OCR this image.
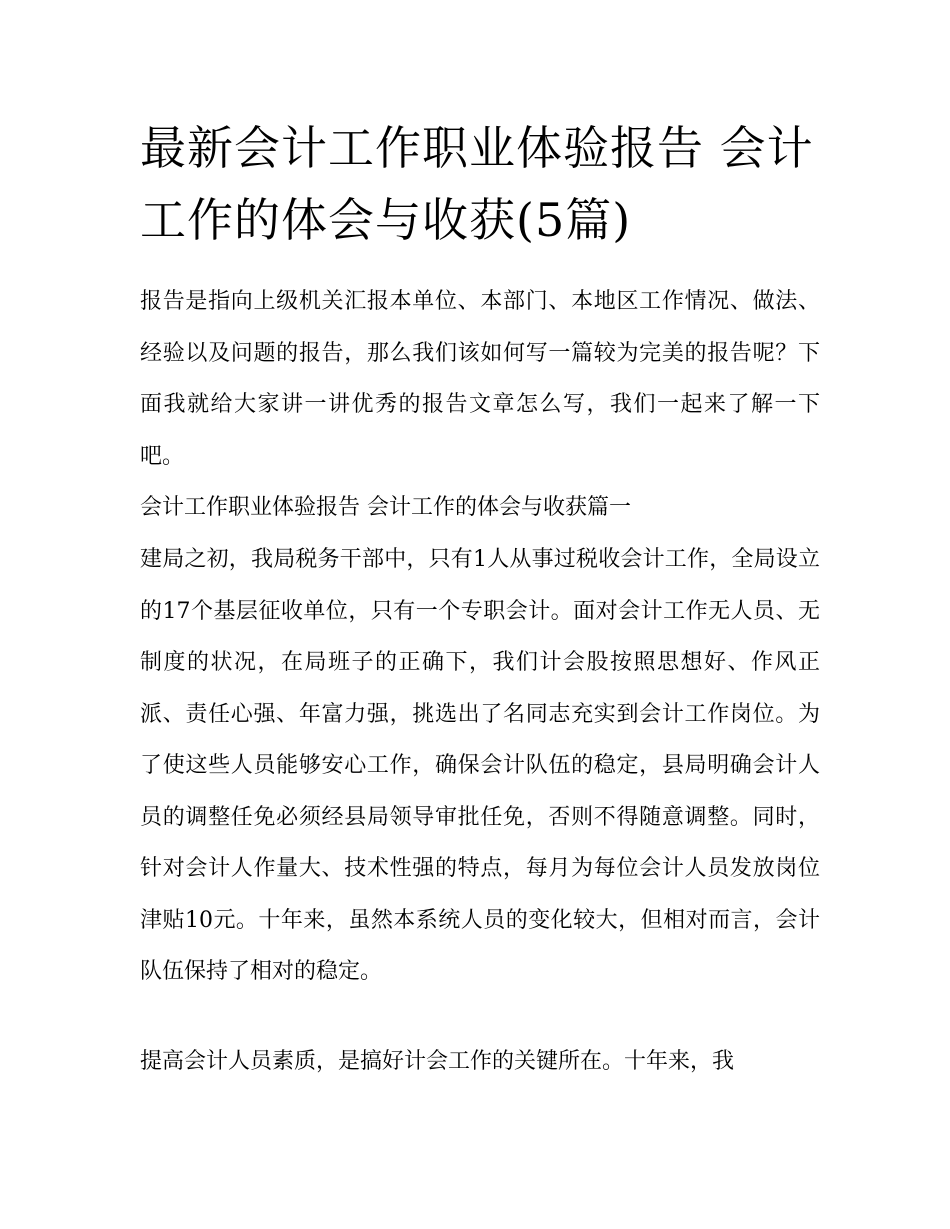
最新会计工作职业体验报告 会计工作的体会与收获(5篇)

报告是指向上级机关汇报本单位、本部门、本地区工作情况、做法、经验以及问题的报告，那么我们该如何写一篇较为完美的报告呢？下面我就给大家讲一讲优秀的报告文章怎么写，我们一起来了解一下吧。

会计工作职业体验报告 会计工作的体会与收获篇一

建局之初，我局税务干部中，只有1人从事过税收会计工作，全局设立的17个基层征收单位，只有一个专职会计。面对会计工作无人员、无制度的状况，在局班子的正确下，我们计会股按照思想好、作风正派、责任心强、年富力强，挑选出了名同志充实到会计工作岗位。为了使这些人员能够安心工作，确保会计队伍的稳定，县局明确会计人员的调整任免必须经县局领导审批任免，否则不得随意调整。同时，针对会计人作量大、技术性强的特点，每月为每位会计人员发放岗位津贴10元。十年来，虽然本系统人员的变化较大，但相对而言，会计队伍保持了相对的稳定。

提高会计人员素质，是搞好计会工作的关键所在。十年来，我
